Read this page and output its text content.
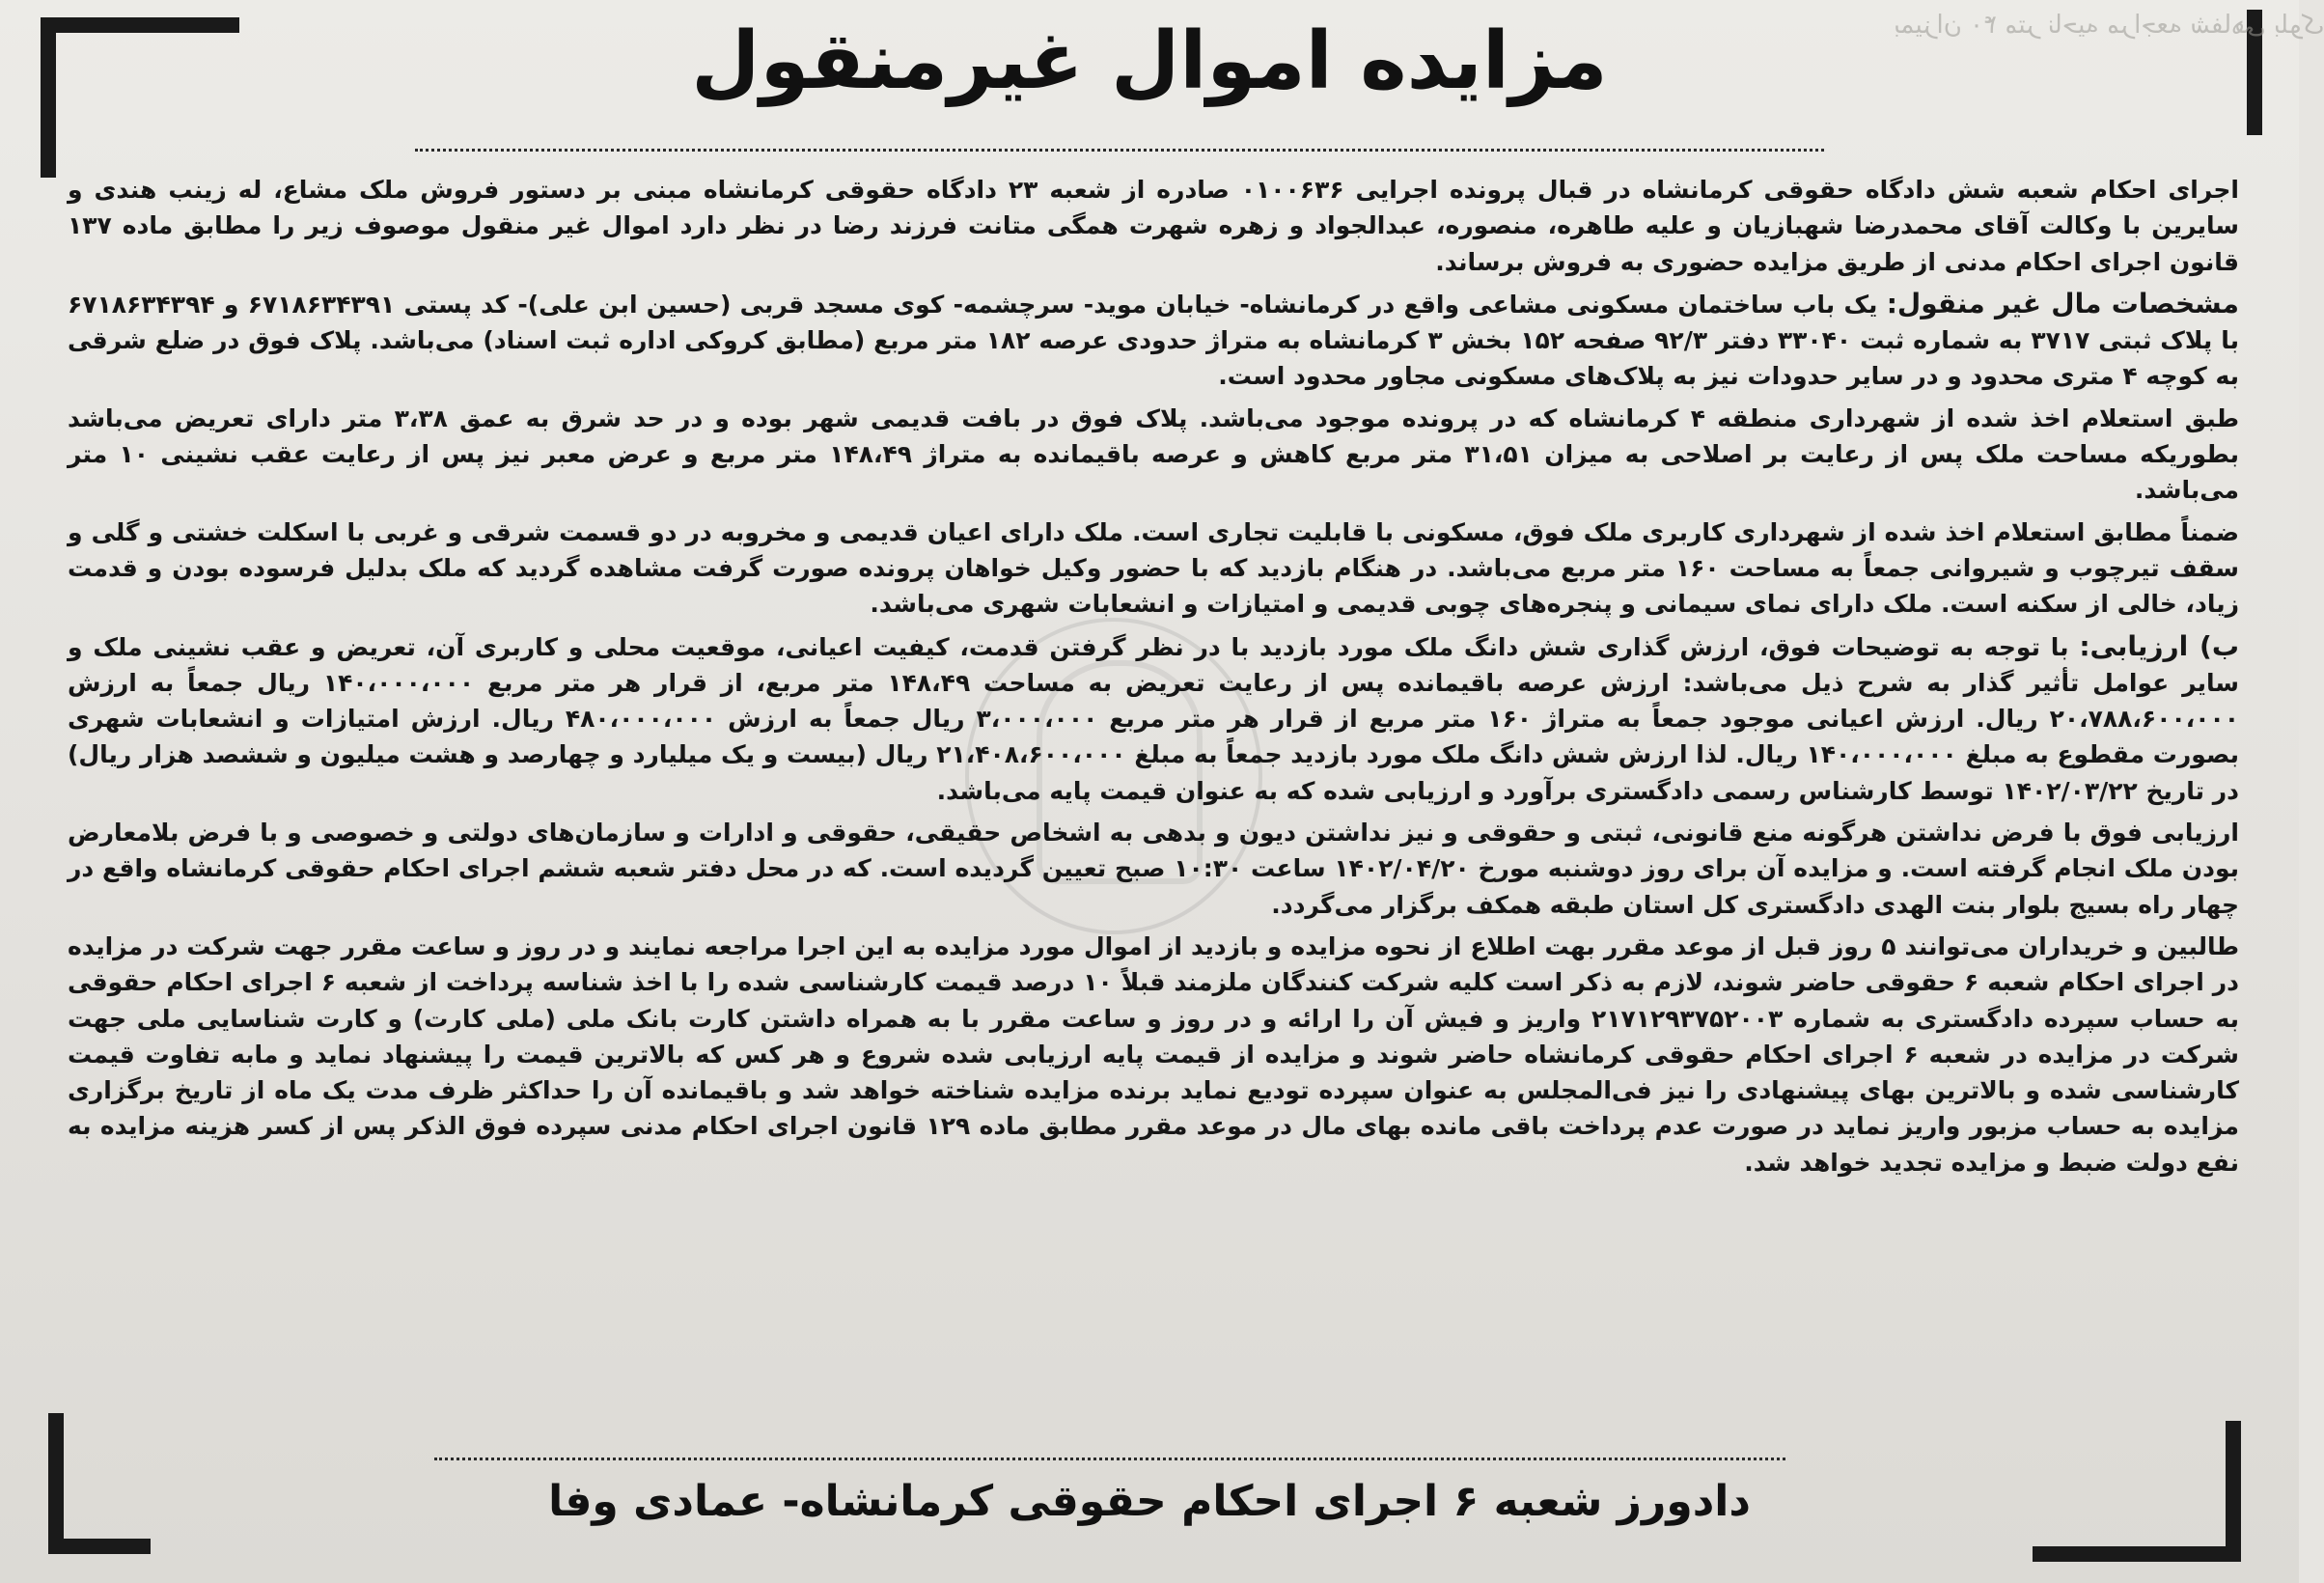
بمیزان ۴۰ متر ناحیه مراجعه شفاهی بلوک
مزایده اموال غیرمنقول

اجرای احکام شعبه شش دادگاه حقوقی کرمانشاه در قبال پرونده اجرایی ۰۱۰۰۶۳۶ صادره از شعبه ۲۳ دادگاه حقوقی کرمانشاه مبنی بر دستور فروش ملک مشاع، له زینب هندی و سایرین با وکالت آقای محمدرضا شهبازیان و علیه طاهره، منصوره، عبدالجواد و زهره شهرت همگی متانت فرزند رضا در نظر دارد اموال غیر منقول موصوف زیر را مطابق ماده ۱۳۷ قانون اجرای احکام مدنی از طریق مزایده حضوری به فروش برساند.

مشخصات مال غیر منقول: یک باب ساختمان مسکونی مشاعی واقع در کرمانشاه- خیابان موید- سرچشمه- کوی مسجد قربی (حسین ابن علی)- کد پستی ۶۷۱۸۶۳۴۳۹۱ و ۶۷۱۸۶۳۴۳۹۴ با پلاک ثبتی ۳۷۱۷ به شماره ثبت ۳۳۰۴۰ دفتر ۹۲/۳ صفحه ۱۵۲ بخش ۳ کرمانشاه به متراژ حدودی عرصه ۱۸۲ متر مربع (مطابق کروکی اداره ثبت اسناد) می‌باشد. پلاک فوق در ضلع شرقی به کوچه ۴ متری محدود و در سایر حدودات نیز به پلاک‌های مسکونی مجاور محدود است.

طبق استعلام اخذ شده از شهرداری منطقه ۴ کرمانشاه که در پرونده موجود می‌باشد. پلاک فوق در بافت قدیمی شهر بوده و در حد شرق به عمق ۳،۳۸ متر دارای تعریض می‌باشد بطوریکه مساحت ملک پس از رعایت بر اصلاحی به میزان ۳۱،۵۱ متر مربع کاهش و عرصه باقیمانده به متراژ ۱۴۸،۴۹ متر مربع و عرض معبر نیز پس از رعایت عقب نشینی ۱۰ متر می‌باشد.

ضمناً مطابق استعلام اخذ شده از شهرداری کاربری ملک فوق، مسکونی با قابلیت تجاری است. ملک دارای اعیان قدیمی و مخروبه در دو قسمت شرقی و غربی با اسکلت خشتی و گلی و سقف تیرچوب و شیروانی جمعاً به مساحت ۱۶۰ متر مربع می‌باشد. در هنگام بازدید که با حضور وکیل خواهان پرونده صورت گرفت مشاهده گردید که ملک بدلیل فرسوده بودن و قدمت زیاد، خالی از سکنه است. ملک دارای نمای سیمانی و پنجره‌های چوبی قدیمی و امتیازات و انشعابات شهری می‌باشد.

ب) ارزیابی: با توجه به توضیحات فوق، ارزش گذاری شش دانگ ملک مورد بازدید با در نظر گرفتن قدمت، کیفیت اعیانی، موقعیت محلی و کاربری آن، تعریض و عقب نشینی ملک و سایر عوامل تأثیر گذار به شرح ذیل می‌باشد: ارزش عرصه باقیمانده پس از رعایت تعریض به مساحت ۱۴۸،۴۹ متر مربع، از قرار هر متر مربع ۱۴۰،۰۰۰،۰۰۰ ریال جمعاً به ارزش ۲۰،۷۸۸،۶۰۰،۰۰۰ ریال. ارزش اعیانی موجود جمعاً به متراژ ۱۶۰ متر مربع از قرار هر متر مربع ۳،۰۰۰،۰۰۰ ریال جمعاً به ارزش ۴۸۰،۰۰۰،۰۰۰ ریال. ارزش امتیازات و انشعابات شهری بصورت مقطوع به مبلغ ۱۴۰،۰۰۰،۰۰۰ ریال. لذا ارزش شش دانگ ملک مورد بازدید جمعاً به مبلغ ۲۱،۴۰۸،۶۰۰،۰۰۰ ریال (بیست و یک میلیارد و چهارصد و هشت میلیون و ششصد هزار ریال) در تاریخ ۱۴۰۲/۰۳/۲۲ توسط کارشناس رسمی دادگستری برآورد و ارزیابی شده که به عنوان قیمت پایه می‌باشد.

ارزیابی فوق با فرض نداشتن هرگونه منع قانونی، ثبتی و حقوقی و نیز نداشتن دیون و بدهی به اشخاص حقیقی، حقوقی و ادارات و سازمان‌های دولتی و خصوصی و با فرض بلامعارض بودن ملک انجام گرفته است. و مزایده آن برای روز دوشنبه مورخ ۱۴۰۲/۰۴/۲۰ ساعت ۱۰:۳۰ صبح تعیین گردیده است. که در محل دفتر شعبه ششم اجرای احکام حقوقی کرمانشاه واقع در چهار راه بسیج بلوار بنت الهدی دادگستری کل استان طبقه همکف برگزار می‌گردد.

طالبین و خریداران می‌توانند ۵ روز قبل از موعد مقرر بهت اطلاع از نحوه مزایده و بازدید از اموال مورد مزایده به این اجرا مراجعه نمایند و در روز و ساعت مقرر جهت شرکت در مزایده در اجرای احکام شعبه ۶ حقوقی حاضر شوند، لازم به ذکر است کلیه شرکت کنندگان ملزمند قبلاً ۱۰ درصد قیمت کارشناسی شده را با اخذ شناسه پرداخت از شعبه ۶ اجرای احکام حقوقی به حساب سپرده دادگستری به شماره ۲۱۷۱۲۹۳۷۵۲۰۰۳ واریز و فیش آن را ارائه و در روز و ساعت مقرر با به همراه داشتن کارت بانک ملی (ملی کارت) و کارت شناسایی ملی جهت شرکت در مزایده در شعبه ۶ اجرای احکام حقوقی کرمانشاه حاضر شوند و مزایده از قیمت پایه ارزیابی شده شروع و هر کس که بالاترین قیمت را پیشنهاد نماید و مابه تفاوت قیمت کارشناسی شده و بالاترین بهای پیشنهادی را نیز فی‌المجلس به عنوان سپرده تودیع نماید برنده مزایده شناخته خواهد شد و باقیمانده آن را حداکثر ظرف مدت یک ماه از تاریخ برگزاری مزایده به حساب مزبور واریز نماید در صورت عدم پرداخت باقی مانده بهای مال در موعد مقرر مطابق ماده ۱۲۹ قانون اجرای احکام مدنی سپرده فوق الذکر پس از کسر هزینه مزایده به نفع دولت ضبط و مزایده تجدید خواهد شد.

دادورز شعبه ۶ اجرای احکام حقوقی کرمانشاه- عمادی وفا
